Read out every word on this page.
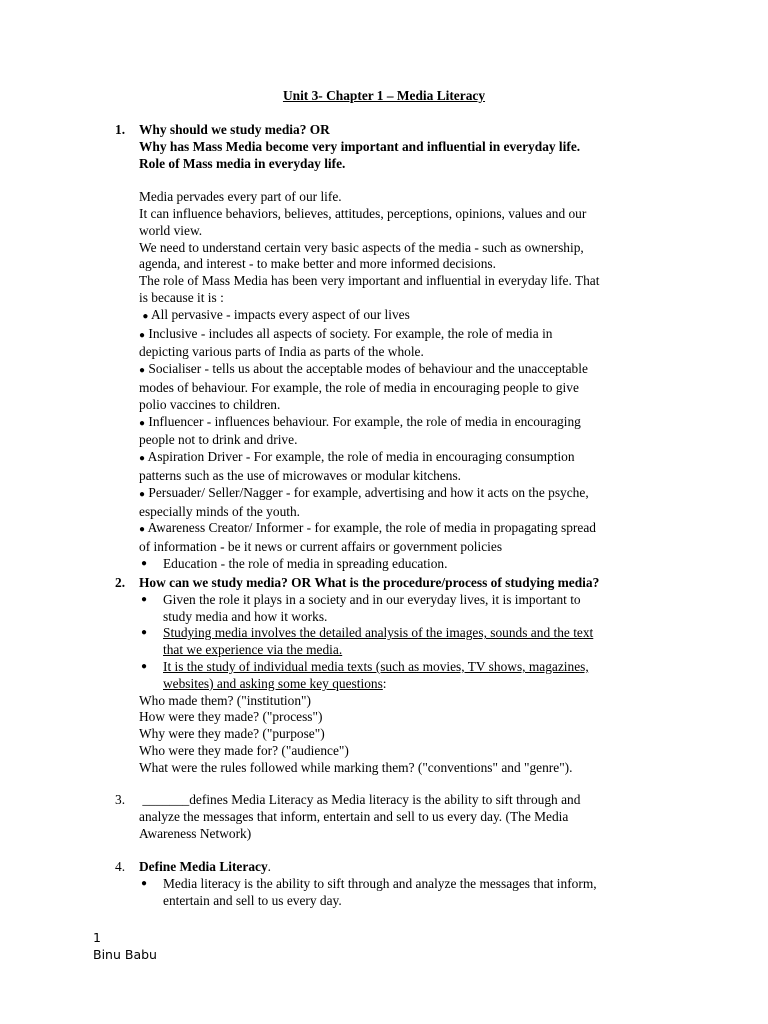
Unit 3- Chapter 1 – Media Literacy
1. Why should we study media? OR
Why has Mass Media become very important and influential in everyday life.
Role of Mass media in everyday life.
Media pervades every part of our life.
It can influence behaviors, believes, attitudes, perceptions, opinions, values and our
world view.
We need to understand certain very basic aspects of the media - such as ownership,
agenda, and interest - to make better and more informed decisions.
The role of Mass Media has been very important and influential in everyday life. That
is because it is :
● All pervasive - impacts every aspect of our lives
● Inclusive - includes all aspects of society. For example, the role of media in
depicting various parts of India as parts of the whole.
● Socialiser - tells us about the acceptable modes of behaviour and the unacceptable
modes of behaviour. For example, the role of media in encouraging people to give
polio vaccines to children.
● Influencer - influences behaviour. For example, the role of media in encouraging
people not to drink and drive.
● Aspiration Driver - For example, the role of media in encouraging consumption
patterns such as the use of microwaves or modular kitchens.
● Persuader/ Seller/Nagger - for example, advertising and how it acts on the psyche,
especially minds of the youth.
● Awareness Creator/ Informer - for example, the role of media in propagating spread
of information - be it news or current affairs or government policies
● Education - the role of media in spreading education.
2. How can we study media? OR What is the procedure/process of studying media?
● Given the role it plays in a society and in our everyday lives, it is important to
study media and how it works.
● Studying media involves the detailed analysis of the images, sounds and the text
that we experience via the media.
● It is the study of individual media texts (such as movies, TV shows, magazines,
websites) and asking some key questions:
Who made them? ("institution")
How were they made? ("process")
Why were they made? ("purpose")
Who were they made for? ("audience")
What were the rules followed while marking them? ("conventions" and "genre").
3. _______defines Media Literacy as Media literacy is the ability to sift through and
analyze the messages that inform, entertain and sell to us every day. (The Media
Awareness Network)
4. Define Media Literacy.
● Media literacy is the ability to sift through and analyze the messages that inform,
entertain and sell to us every day.
1
Binu Babu
